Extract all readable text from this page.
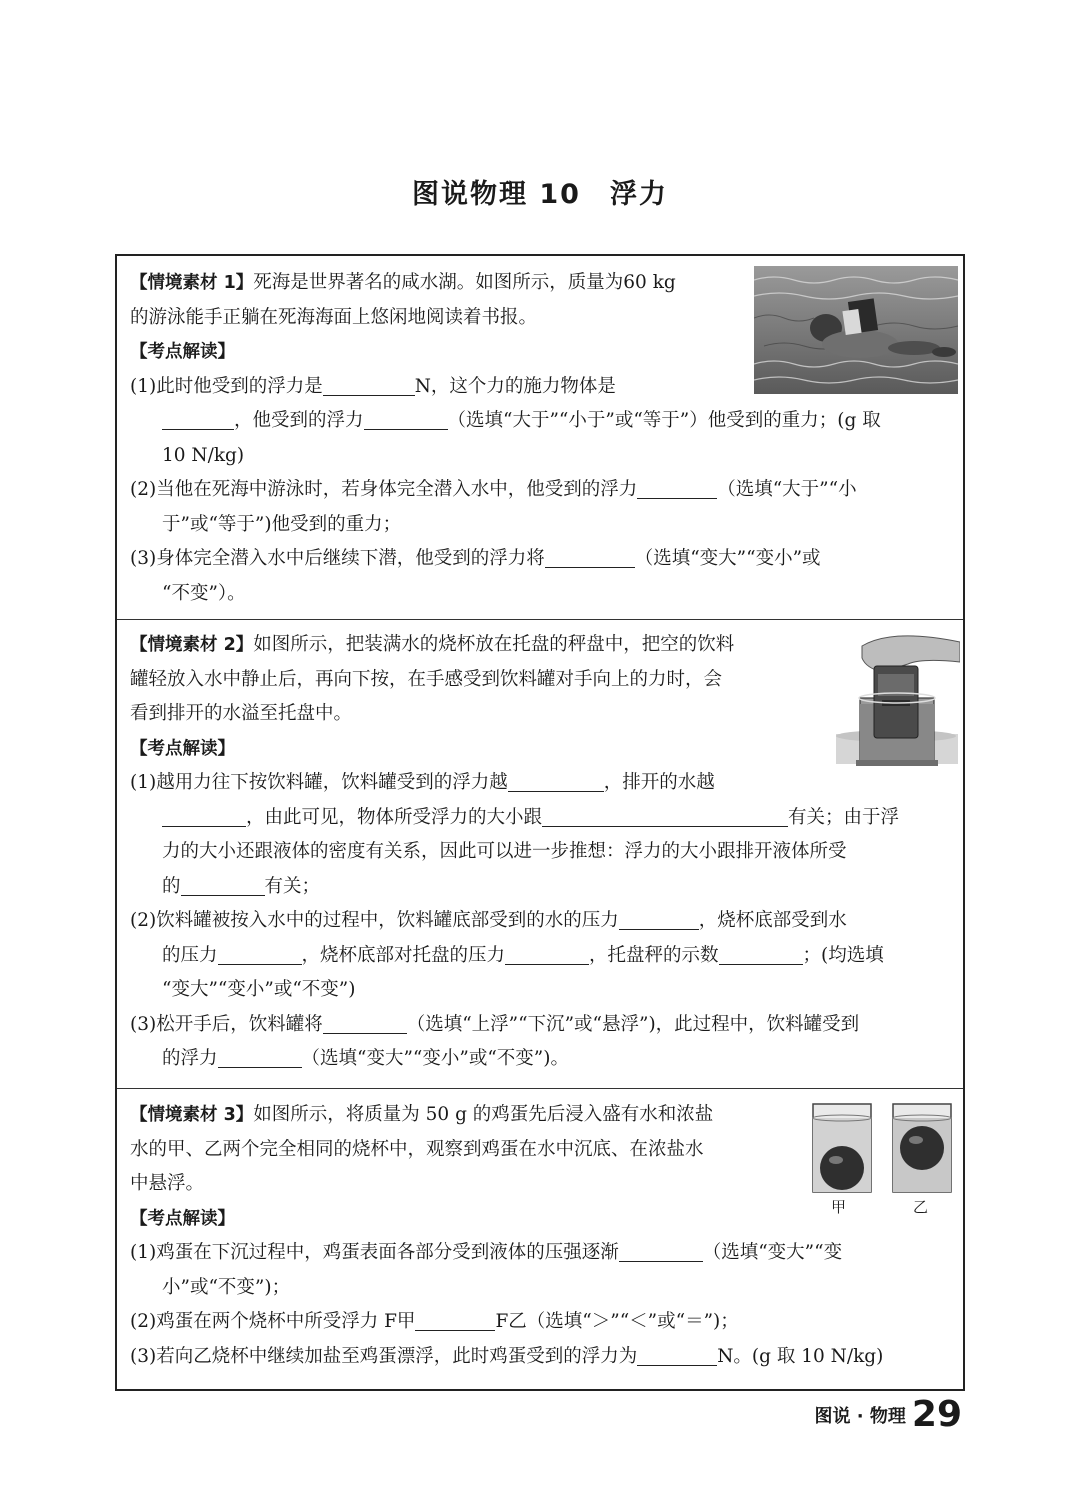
图说物理 10　浮力
【情境素材 1】死海是世界著名的咸水湖。如图所示，质量为60 kg
的游泳能手正躺在死海海面上悠闲地阅读着书报。
【考点解读】
(1)此时他受到的浮力是	N，这个力的施力物体是
，他受到的浮力	（选填“大于”“小于”或“等于”）他受到的重力；(g 取
10 N/kg)
(2)当他在死海中游泳时，若身体完全潜入水中，他受到的浮力	（选填“大于”“小
于”或“等于”)他受到的重力；
(3)身体完全潜入水中后继续下潜，他受到的浮力将	（选填“变大”“变小”或
“不变”）。
【情境素材 2】如图所示，把装满水的烧杯放在托盘的秤盘中，把空的饮料
罐轻放入水中静止后，再向下按，在手感受到饮料罐对手向上的力时，会
看到排开的水溢至托盘中。
【考点解读】
(1)越用力往下按饮料罐，饮料罐受到的浮力越	，排开的水越
，由此可见，物体所受浮力的大小跟	有关；由于浮
力的大小还跟液体的密度有关系，因此可以进一步推想：浮力的大小跟排开液体所受
的	有关；
(2)饮料罐被按入水中的过程中，饮料罐底部受到的水的压力	，烧杯底部受到水
的压力	，烧杯底部对托盘的压力	，托盘秤的示数	；(均选填
“变大”“变小”或“不变”)
(3)松开手后，饮料罐将	（选填“上浮”“下沉”或“悬浮”)，此过程中，饮料罐受到
的浮力	（选填“变大”“变小”或“不变”)。
【情境素材 3】如图所示，将质量为 50 g 的鸡蛋先后浸入盛有水和浓盐
水的甲、乙两个完全相同的烧杯中，观察到鸡蛋在水中沉底、在浓盐水
中悬浮。
【考点解读】
(1)鸡蛋在下沉过程中，鸡蛋表面各部分受到液体的压强逐渐	（选填“变大”“变
小”或“不变”)；
(2)鸡蛋在两个烧杯中所受浮力 F甲	F乙（选填“＞”“＜”或“＝”)；
(3)若向乙烧杯中继续加盐至鸡蛋漂浮，此时鸡蛋受到的浮力为	N。(g 取 10 N/kg)
甲	乙
图说 · 物理 29
